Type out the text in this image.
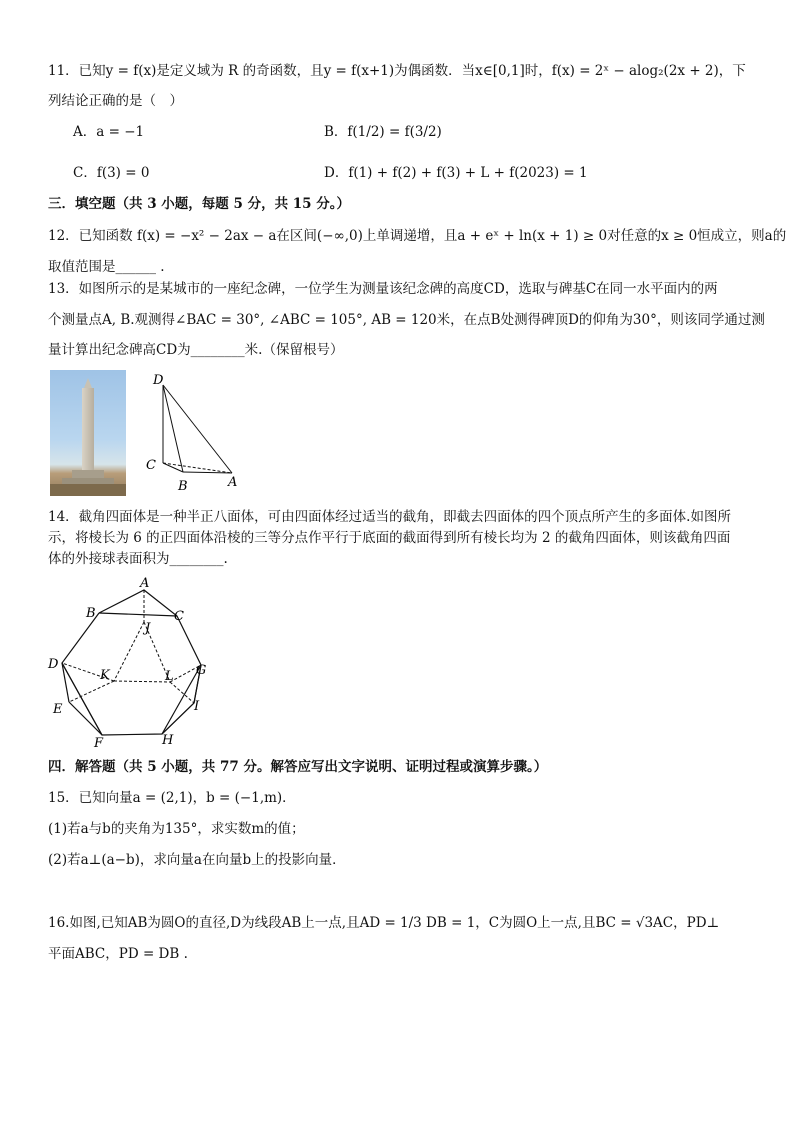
11．已知y = f(x)是定义域为 R 的奇函数，且y = f(x+1)为偶函数．当x∈[0,1]时，f(x) = 2ˣ − alog₂(2x + 2)，下
列结论正确的是（　）
A．a = −1	B．f(1/2) = f(3/2)
C．f(3) = 0	D．f(1) + f(2) + f(3) + L + f(2023) = 1
三．填空题（共 3 小题，每题 5 分，共 15 分。）
12．已知函数 f(x) = −x² − 2ax − a在区间(−∞,0)上单调递增，且a + eˣ + ln(x + 1) ≥ 0对任意的x ≥ 0恒成立，则a的
取值范围是______ .
13．如图所示的是某城市的一座纪念碑，一位学生为测量该纪念碑的高度CD，选取与碑基C在同一水平面内的两
个测量点A, B.观测得∠BAC = 30°, ∠ABC = 105°, AB = 120米，在点B处测得碑顶D的仰角为30°，则该同学通过测
量计算出纪念碑高CD为________米.（保留根号）
D
C
B	A
14．截角四面体是一种半正八面体，可由四面体经过适当的截角，即截去四面体的四个顶点所产生的多面体.如图所
示，将棱长为 6 的正四面体沿棱的三等分点作平行于底面的截面得到所有棱长均为 2 的截角四面体，则该截角四面
体的外接球表面积为________.
A
B	C
J
D	G
K	L
E	I
F	H
四．解答题（共 5 小题，共 77 分。解答应写出文字说明、证明过程或演算步骤。）
15．已知向量a = (2,1)，b = (−1,m)．
(1)若a与b的夹角为135°，求实数m的值；
(2)若a⊥(a−b)，求向量a在向量b上的投影向量．
16.如图,已知AB为圆O的直径,D为线段AB上一点,且AD = 1/3 DB = 1，C为圆O上一点,且BC = √3AC，PD⊥
平面ABC，PD = DB .
